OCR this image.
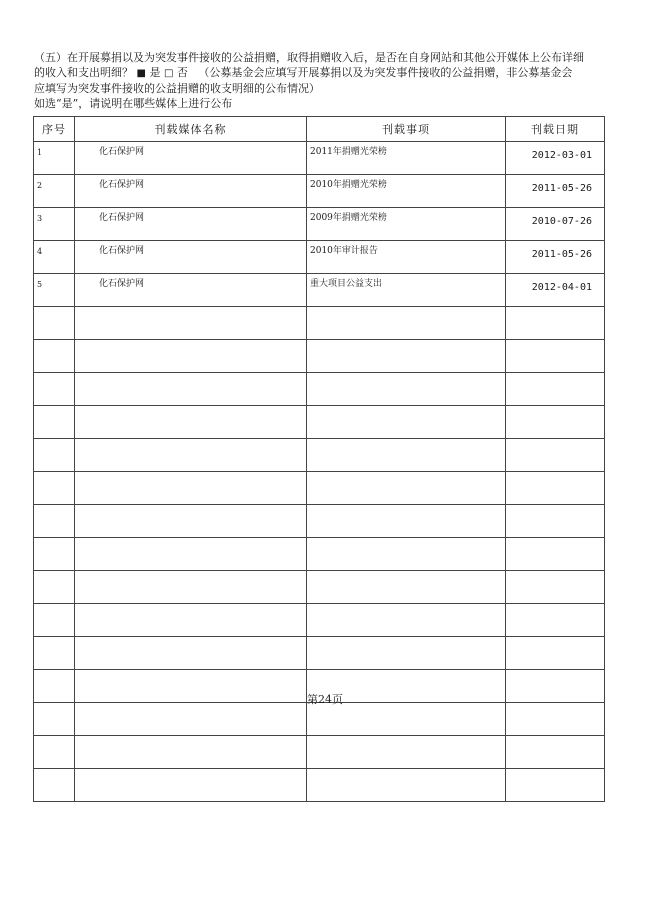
（五）在开展募捐以及为突发事件接收的公益捐赠，取得捐赠收入后，是否在自身网站和其他公开媒体上公布详细

的收入和支出明细？ ■ 是 □ 否 （公募基金会应填写开展募捐以及为突发事件接收的公益捐赠，非公募基金会

应填写为突发事件接收的公益捐赠的收支明细的公布情况）

如选“是”，请说明在哪些媒体上进行公布

序号	刊载媒体名称	刊载事项	刊载日期
1	化石保护网	2011年捐赠光荣榜	2012-03-01
2	化石保护网	2010年捐赠光荣榜	2011-05-26
3	化石保护网	2009年捐赠光荣榜	2010-07-26
4	化石保护网	2010年审计报告	2011-05-26
5	化石保护网	重大项目公益支出	2012-04-01

第24页
